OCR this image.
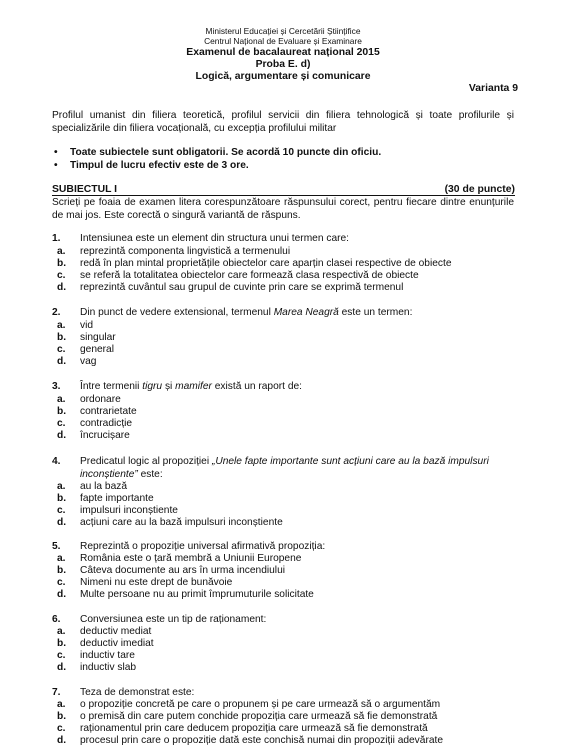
Ministerul Educației și Cercetării Științifice
Centrul Național de Evaluare și Examinare
Examenul de bacalaureat național 2015
Proba E. d)
Logică, argumentare și comunicare
Varianta 9
Profilul umanist din filiera teoretică, profilul servicii din filiera tehnologică și toate profilurile și specializările din filiera vocațională, cu excepția profilului militar
• Toate subiectele sunt obligatorii. Se acordă 10 puncte din oficiu.
• Timpul de lucru efectiv este de 3 ore.
SUBIECTUL I	(30 de puncte)
Scrieți pe foaia de examen litera corespunzătoare răspunsului corect, pentru fiecare dintre enunțurile de mai jos. Este corectă o singură variantă de răspuns.
1. Intensiunea este un element din structura unui termen care:
a. reprezintă componenta lingvistică a termenului
b. redă în plan mintal proprietățile obiectelor care aparțin clasei respective de obiecte
c. se referă la totalitatea obiectelor care formează clasa respectivă de obiecte
d. reprezintă cuvântul sau grupul de cuvinte prin care se exprimă termenul
2. Din punct de vedere extensional, termenul Marea Neagră este un termen:
a. vid
b. singular
c. general
d. vag
3. Între termenii tigru și mamifer există un raport de:
a. ordonare
b. contrarietate
c. contradicție
d. încrucișare
4. Predicatul logic al propoziției „Unele fapte importante sunt acțiuni care au la bază impulsuri
inconștiente” este:
a. au la bază
b. fapte importante
c. impulsuri inconștiente
d. acțiuni care au la bază impulsuri inconștiente
5. Reprezintă o propoziție universal afirmativă propoziția:
a. România este o țară membră a Uniunii Europene
b. Câteva documente au ars în urma incendiului
c. Nimeni nu este drept de bunăvoie
d. Multe persoane nu au primit împrumuturile solicitate
6. Conversiunea este un tip de raționament:
a. deductiv mediat
b. deductiv imediat
c. inductiv tare
d. inductiv slab
7. Teza de demonstrat este:
a. o propoziție concretă pe care o propunem și pe care urmează să o argumentăm
b. o premisă din care putem conchide propoziția care urmează să fie demonstrată
c. raționamentul prin care deducem propoziția care urmează să fie demonstrată
d. procesul prin care o propoziție dată este conchisă numai din propoziții adevărate
